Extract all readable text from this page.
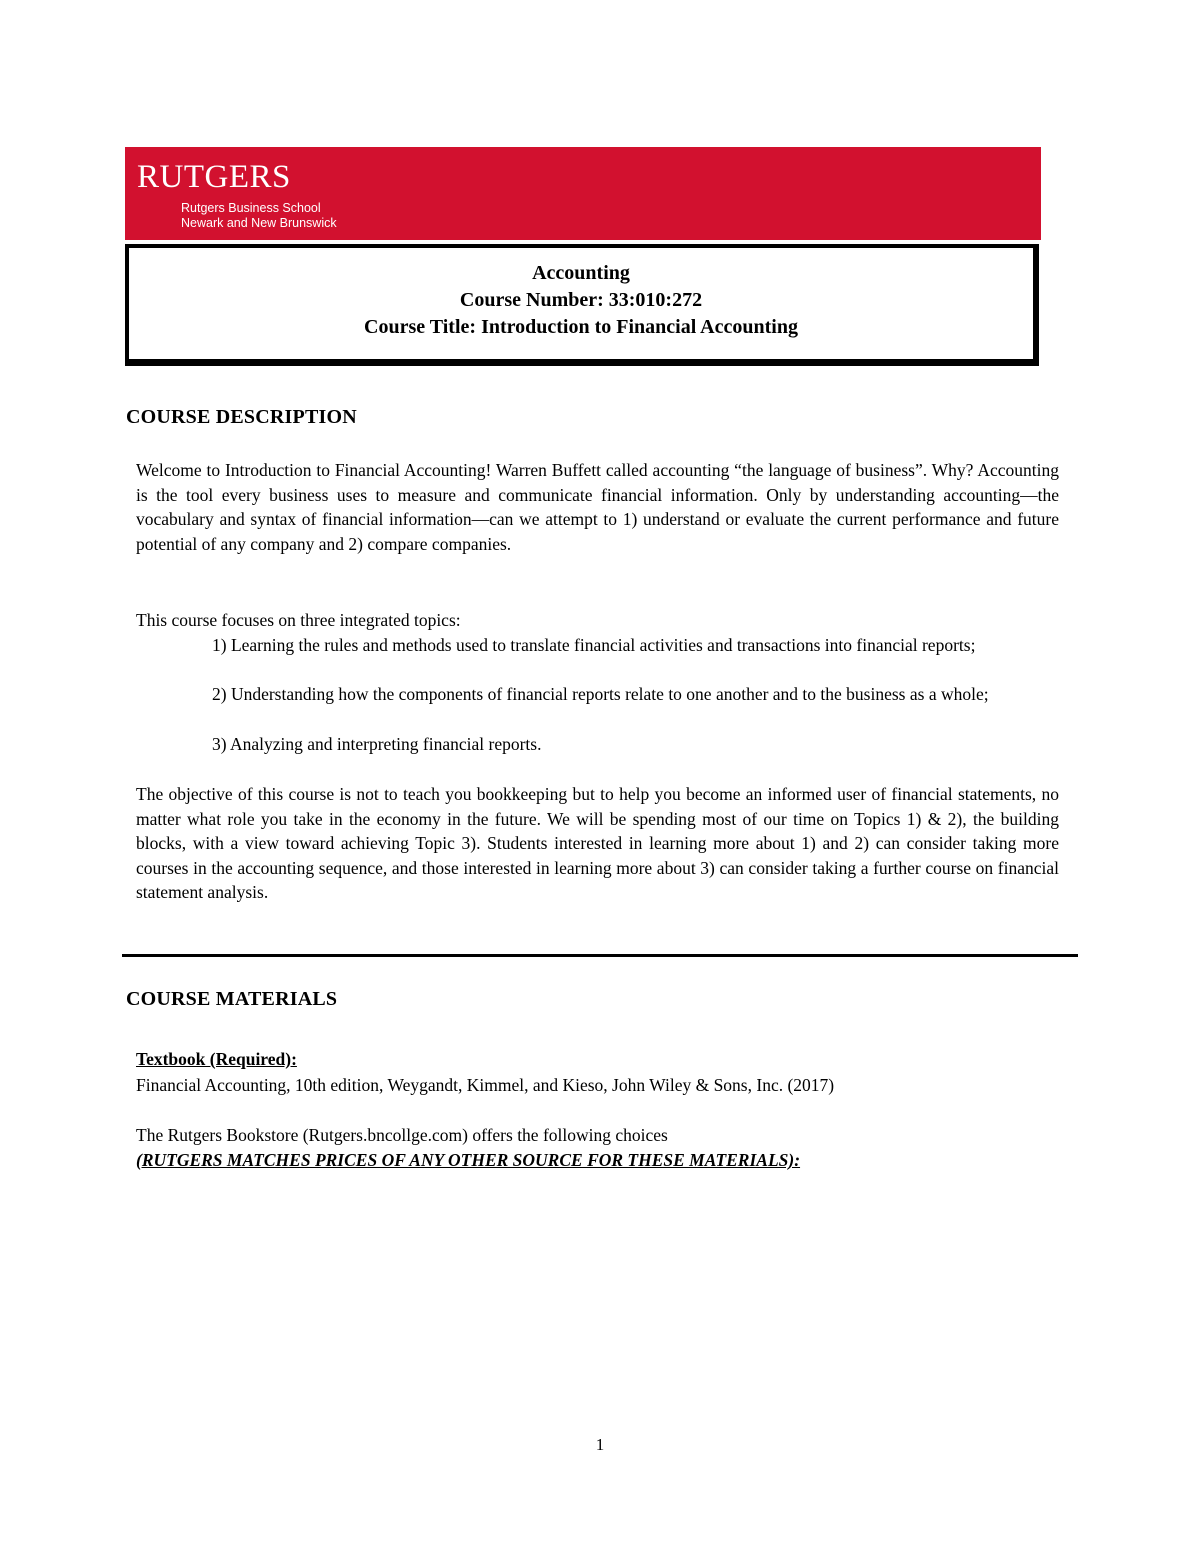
RUTGERS
Rutgers Business School
Newark and New Brunswick
Accounting
Course Number: 33:010:272
Course Title: Introduction to Financial Accounting
COURSE DESCRIPTION
Welcome to Introduction to Financial Accounting! Warren Buffett called accounting “the language of business”. Why? Accounting is the tool every business uses to measure and communicate financial information. Only by understanding accounting—the vocabulary and syntax of financial information—can we attempt to 1) understand or evaluate the current performance and future potential of any company and 2) compare companies.
This course focuses on three integrated topics:
1) Learning the rules and methods used to translate financial activities and transactions into financial reports;
2) Understanding how the components of financial reports relate to one another and to the business as a whole;
3) Analyzing and interpreting financial reports.
The objective of this course is not to teach you bookkeeping but to help you become an informed user of financial statements, no matter what role you take in the economy in the future. We will be spending most of our time on Topics 1) & 2), the building blocks, with a view toward achieving Topic 3). Students interested in learning more about 1) and 2) can consider taking more courses in the accounting sequence, and those interested in learning more about 3) can consider taking a further course on financial statement analysis.
COURSE MATERIALS
Textbook (Required):
Financial Accounting, 10th edition, Weygandt, Kimmel, and Kieso, John Wiley & Sons, Inc. (2017)
The Rutgers Bookstore (Rutgers.bncollge.com) offers the following choices
(RUTGERS MATCHES PRICES OF ANY OTHER SOURCE FOR THESE MATERIALS):
1
